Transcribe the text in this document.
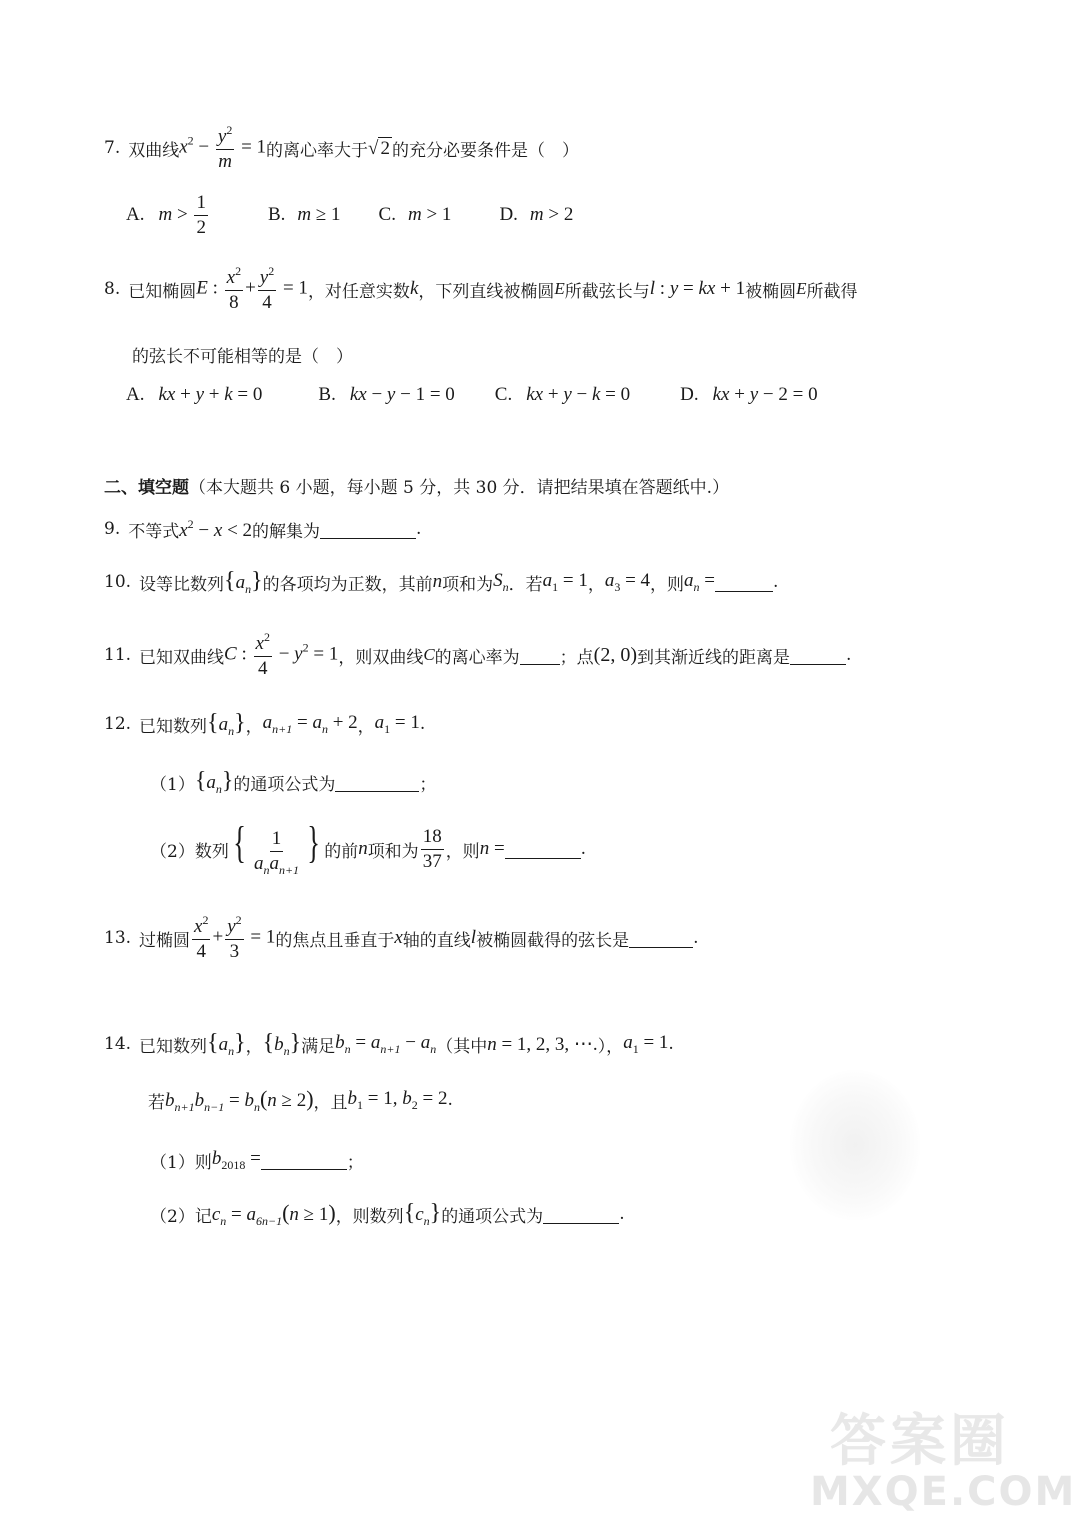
7. 双曲线 $x^2 - \frac{y^2}{m} = 1$ 的离心率大于 √ 2 的充分必要条件是（　）
A. $m > \frac{1}{2}$	B. m ≥ 1 C. m > 1	D. m > 2
8. 已知椭圆 E : $\frac{x^2}{8} + \frac{y^2}{4} = 1$ ，对任意实数 k ，下列直线被椭圆 E 所截弦长与 l : y = kx + 1 被椭圆 E 所截得
的弦长不可能相等的是（　）
A. kx + y + k = 0	B. kx − y − 1 = 0 C. kx + y − k = 0	D. kx + y − 2 = 0
二、填空题 （本大题共 6 小题，每小题 5 分，共 30 分．请把结果填在答题纸中.）
9. 不等式 $x^2 - x < 2$ 的解集为	.
10. 设等比数列 $\{a_n\}$ 的各项均为正数，其前 n 项和为 $S_n$ ．若 $a_1 = 1$ ， $a_3 = 4$ ，则 $a_n$ =	.
11. 已知双曲线 C : $\frac{x^2}{4} - y^2 = 1$ ，则双曲线 C 的离心率为 ；点 (2, 0) 到其渐近线的距离是	.
12. 已知数列 $\{a_n\}$ ， $a_{n+1} = a_n + 2$ ， $a_1 = 1$ .
（1） $\{a_n\}$ 的通项公式为	；
（2） 数列 { $\frac{1}{a_na_{n+1}}$ } 的前 n 项和为 $\frac{18}{37}$ ，则 n =	.
13. 过椭圆 $\frac{x^2}{4} + \frac{y^2}{3} = 1$ 的焦点且垂直于 x 轴的直线 l 被椭圆截得的弦长是	.
14. 已知数列 $\{a_n\}$ ， $\{b_n\}$ 满足 $b_n = a_{n+1} - a_n$ （其中 n = 1, 2, 3, ⋯. ）， $a_1 = 1$ .
若 $b_{n+1}b_{n-1} = b_n(n \ge 2)$ ，且 $b_1 = 1$, $b_2 = 2$ .
（1） 则 $b_{2018}$ =	；
（2） 记 $c_n = a_{6n-1}(n \ge 1)$ ，则数列 $\{c_n\}$ 的通项公式为	.
答案圈
MXQE.COM
